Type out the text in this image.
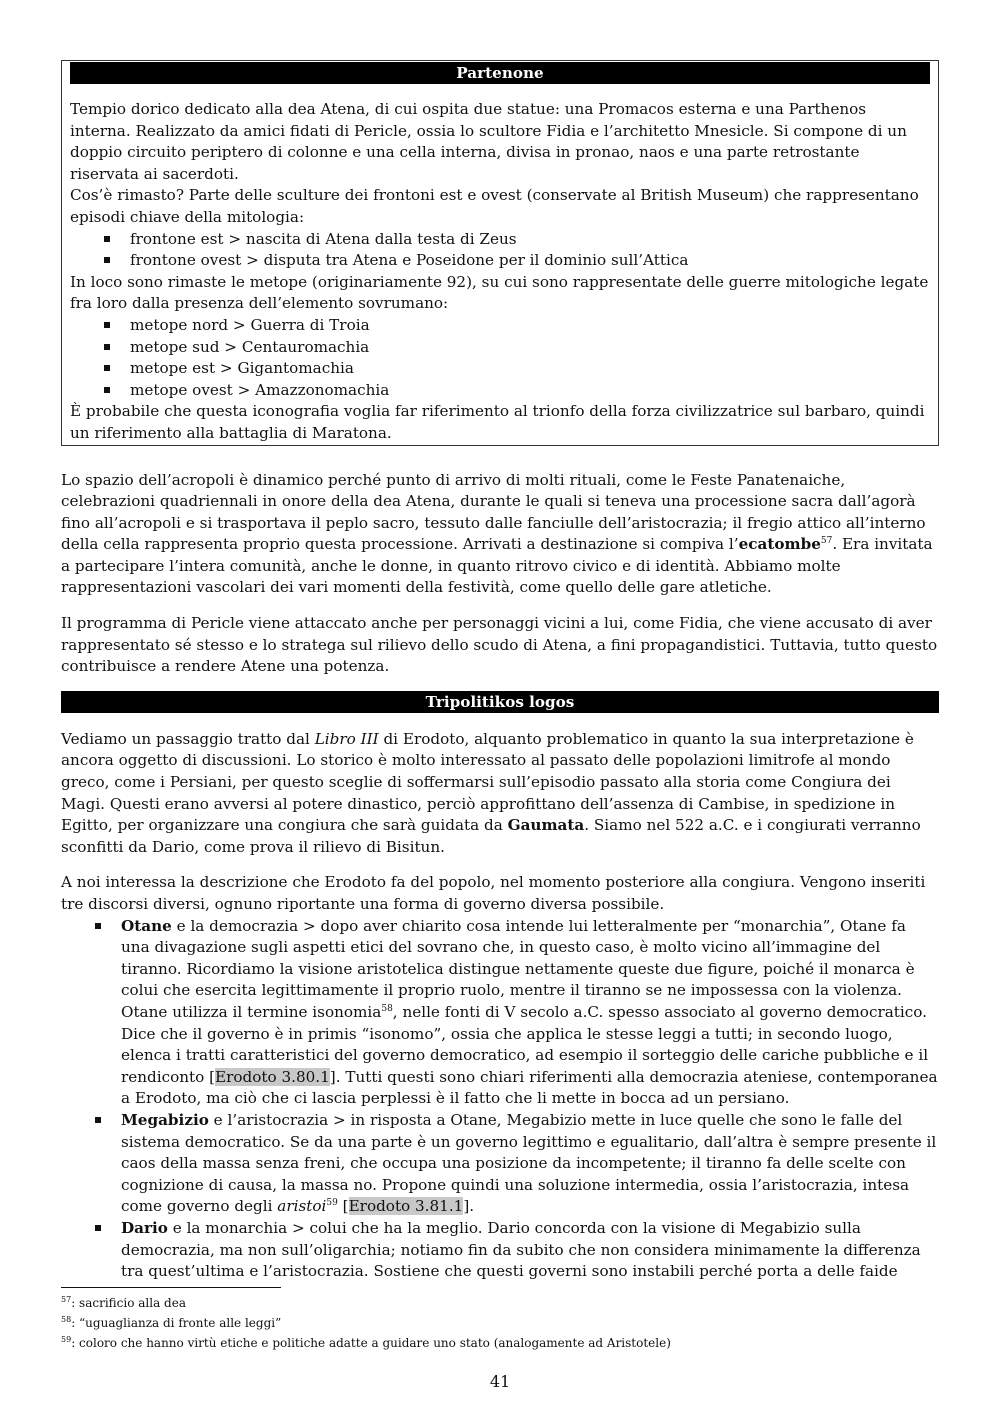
Partenone

Tempio dorico dedicato alla dea Atena, di cui ospita due statue: una Promacos esterna e una Parthenos interna. Realizzato da amici fidati di Pericle, ossia lo scultore Fidia e l’architetto Mnesicle. Si compone di un doppio circuito periptero di colonne e una cella interna, divisa in pronao, naos e una parte retrostante riservata ai sacerdoti.

Cos’è rimasto? Parte delle sculture dei frontoni est e ovest (conservate al British Museum) che rappresentano episodi chiave della mitologia:

frontone est > nascita di Atena dalla testa di Zeus
frontone ovest > disputa tra Atena e Poseidone per il dominio sull’Attica

In loco sono rimaste le metope (originariamente 92), su cui sono rappresentate delle guerre mitologiche legate fra loro dalla presenza dell’elemento sovrumano:

metope nord > Guerra di Troia
metope sud > Centauromachia
metope est > Gigantomachia
metope ovest > Amazzonomachia

È probabile che questa iconografia voglia far riferimento al trionfo della forza civilizzatrice sul barbaro, quindi un riferimento alla battaglia di Maratona.

Lo spazio dell’acropoli è dinamico perché punto di arrivo di molti rituali, come le Feste Panatenaiche, celebrazioni quadriennali in onore della dea Atena, durante le quali si teneva una processione sacra dall’agorà fino all’acropoli e si trasportava il peplo sacro, tessuto dalle fanciulle dell’aristocrazia; il fregio attico all’interno della cella rappresenta proprio questa processione. Arrivati a destinazione si compiva l’ecatombe$^{57}$. Era invitata a partecipare l’intera comunità, anche le donne, in quanto ritrovo civico e di identità. Abbiamo molte rappresentazioni vascolari dei vari momenti della festività, come quello delle gare atletiche.

Il programma di Pericle viene attaccato anche per personaggi vicini a lui, come Fidia, che viene accusato di aver rappresentato sé stesso e lo stratega sul rilievo dello scudo di Atena, a fini propagandistici. Tuttavia, tutto questo contribuisce a rendere Atene una potenza.

Tripolitikos logos

Vediamo un passaggio tratto dal Libro III di Erodoto, alquanto problematico in quanto la sua interpretazione è ancora oggetto di discussioni. Lo storico è molto interessato al passato delle popolazioni limitrofe al mondo greco, come i Persiani, per questo sceglie di soffermarsi sull’episodio passato alla storia come Congiura dei Magi. Questi erano avversi al potere dinastico, perciò approfittano dell’assenza di Cambise, in spedizione in Egitto, per organizzare una congiura che sarà guidata da Gaumata. Siamo nel 522 a.C. e i congiurati verranno sconfitti da Dario, come prova il rilievo di Bisitun.

A noi interessa la descrizione che Erodoto fa del popolo, nel momento posteriore alla congiura. Vengono inseriti tre discorsi diversi, ognuno riportante una forma di governo diversa possibile.

Otane e la democrazia > dopo aver chiarito cosa intende lui letteralmente per “monarchia”, Otane fa una divagazione sugli aspetti etici del sovrano che, in questo caso, è molto vicino all’immagine del tiranno. Ricordiamo la visione aristotelica distingue nettamente queste due figure, poiché il monarca è colui che esercita legittimamente il proprio ruolo, mentre il tiranno se ne impossessa con la violenza. Otane utilizza il termine isonomia$^{58}$, nelle fonti di V secolo a.C. spesso associato al governo democratico. Dice che il governo è in primis “isonomo”, ossia che applica le stesse leggi a tutti; in secondo luogo, elenca i tratti caratteristici del governo democratico, ad esempio il sorteggio delle cariche pubbliche e il rendiconto [Erodoto 3.80.1]. Tutti questi sono chiari riferimenti alla democrazia ateniese, contemporanea a Erodoto, ma ciò che ci lascia perplessi è il fatto che li mette in bocca ad un persiano.
Megabizio e l’aristocrazia > in risposta a Otane, Megabizio mette in luce quelle che sono le falle del sistema democratico. Se da una parte è un governo legittimo e egualitario, dall’altra è sempre presente il caos della massa senza freni, che occupa una posizione da incompetente; il tiranno fa delle scelte con cognizione di causa, la massa no. Propone quindi una soluzione intermedia, ossia l’aristocrazia, intesa come governo degli aristoi$^{59}$ [Erodoto 3.81.1].
Dario e la monarchia > colui che ha la meglio. Dario concorda con la visione di Megabizio sulla democrazia, ma non sull’oligarchia; notiamo fin da subito che non considera minimamente la differenza tra quest’ultima e l’aristocrazia. Sostiene che questi governi sono instabili perché porta a delle faide
$^{57}$: sacrificio alla dea
$^{58}$: “uguaglianza di fronte alle leggi”
$^{59}$: coloro che hanno virtù etiche e politiche adatte a guidare uno stato (analogamente ad Aristotele)
41
